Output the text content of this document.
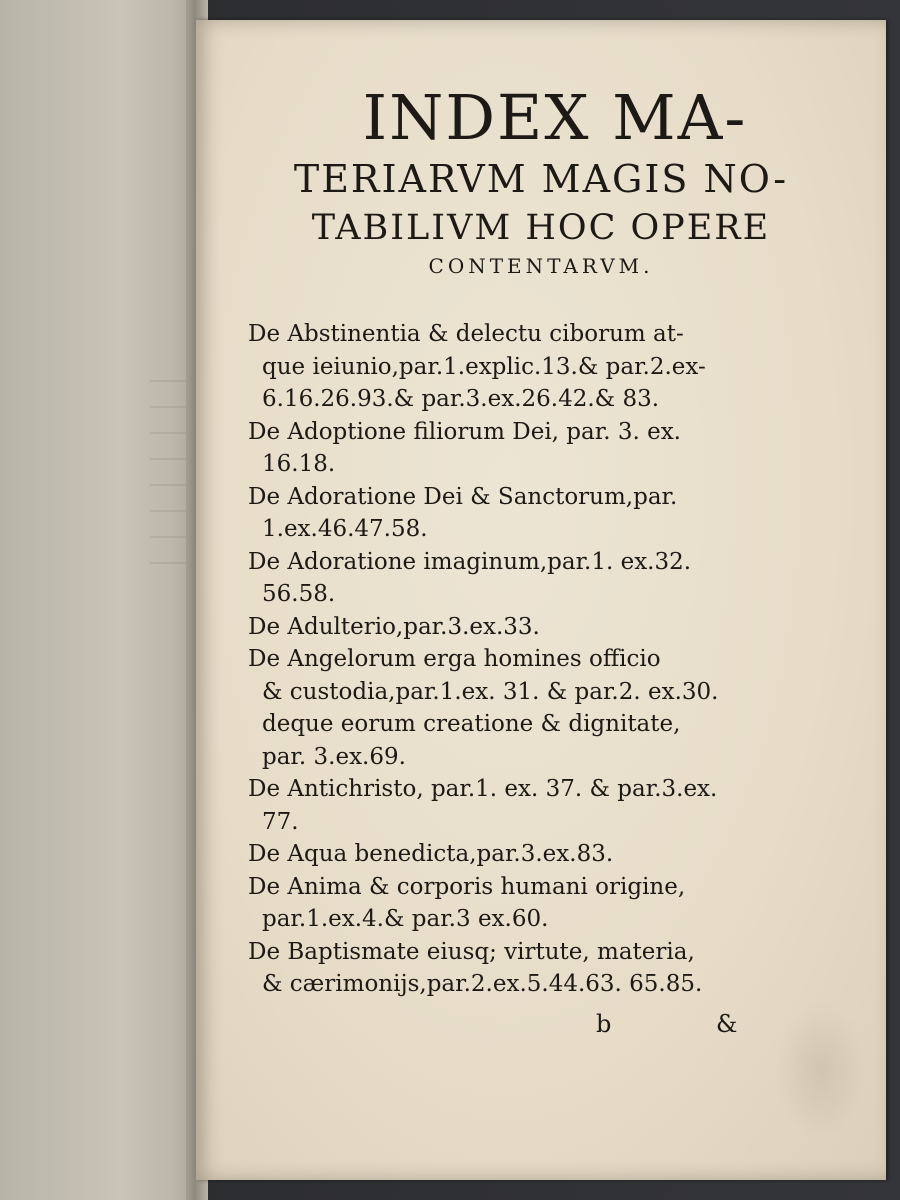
INDEX MA-
TERIARVM MAGIS NO-
TABILIVM HOC OPERE
CONTENTARVM.
De Abstinentia & delectu ciborum at-
que ieiunio,par.1.explic.13.& par.2.ex-
6.16.26.93.& par.3.ex.26.42.& 83.
De Adoptione filiorum Dei, par. 3. ex.
16.18.
De Adoratione Dei & Sanctorum,par.
1.ex.46.47.58.
De Adoratione imaginum,par.1. ex.32.
56.58.
De Adulterio,par.3.ex.33.
De Angelorum erga homines officio
& custodia,par.1.ex. 31. & par.2. ex.30.
deque eorum creatione & dignitate,
par. 3.ex.69.
De Antichristo, par.1. ex. 37. & par.3.ex.
77.
De Aqua benedicta,par.3.ex.83.
De Anima & corporis humani origine,
par.1.ex.4.& par.3 ex.60.
De Baptismate eiusq; virtute, materia,
& cærimonijs,par.2.ex.5.44.63. 65.85.
b	&
